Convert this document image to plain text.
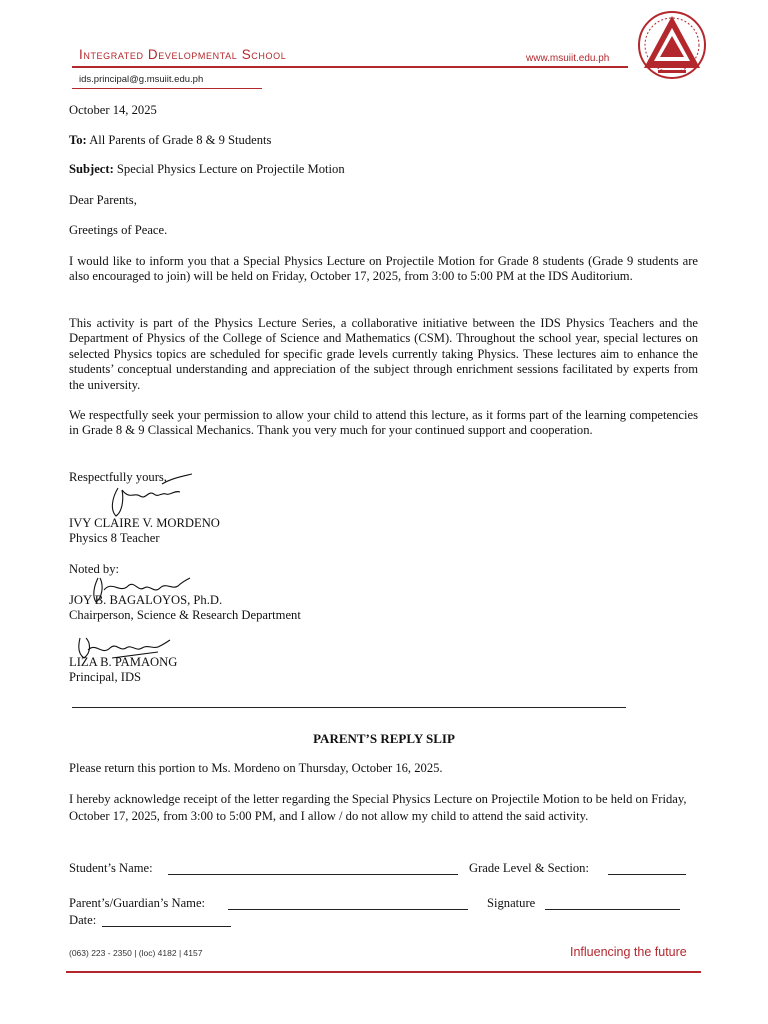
Integrated Developmental School	www.msuiit.edu.ph
ids.principal@g.msuiit.edu.ph
October 14, 2025
To: All Parents of Grade 8 & 9 Students
Subject: Special Physics Lecture on Projectile Motion
Dear Parents,
Greetings of Peace.
I would like to inform you that a Special Physics Lecture on Projectile Motion for Grade 8 students (Grade 9 students are also encouraged to join) will be held on Friday, October 17, 2025, from 3:00 to 5:00 PM at the IDS Auditorium.
This activity is part of the Physics Lecture Series, a collaborative initiative between the IDS Physics Teachers and the Department of Physics of the College of Science and Mathematics (CSM). Throughout the school year, special lectures on selected Physics topics are scheduled for specific grade levels currently taking Physics. These lectures aim to enhance the students’ conceptual understanding and appreciation of the subject through enrichment sessions facilitated by experts from the university.
We respectfully seek your permission to allow your child to attend this lecture, as it forms part of the learning competencies in Grade 8 & 9 Classical Mechanics. Thank you very much for your continued support and cooperation.
Respectfully yours,
IVY CLAIRE V. MORDENO
Physics 8 Teacher
Noted by:
JOY B. BAGALOYOS, Ph.D.
Chairperson, Science & Research Department
LIZA B. PAMAONG
Principal, IDS
PARENT’S REPLY SLIP
Please return this portion to Ms. Mordeno on Thursday, October 16, 2025.
I hereby acknowledge receipt of the letter regarding the Special Physics Lecture on Projectile Motion to be held on Friday, October 17, 2025, from 3:00 to 5:00 PM, and I allow / do not allow my child to attend the said activity.
Student’s Name:	Grade Level & Section:
Parent’s/Guardian’s Name:	Signature
Date:
(063) 223 - 2350 | (loc) 4182 | 4157	Influencing the future
